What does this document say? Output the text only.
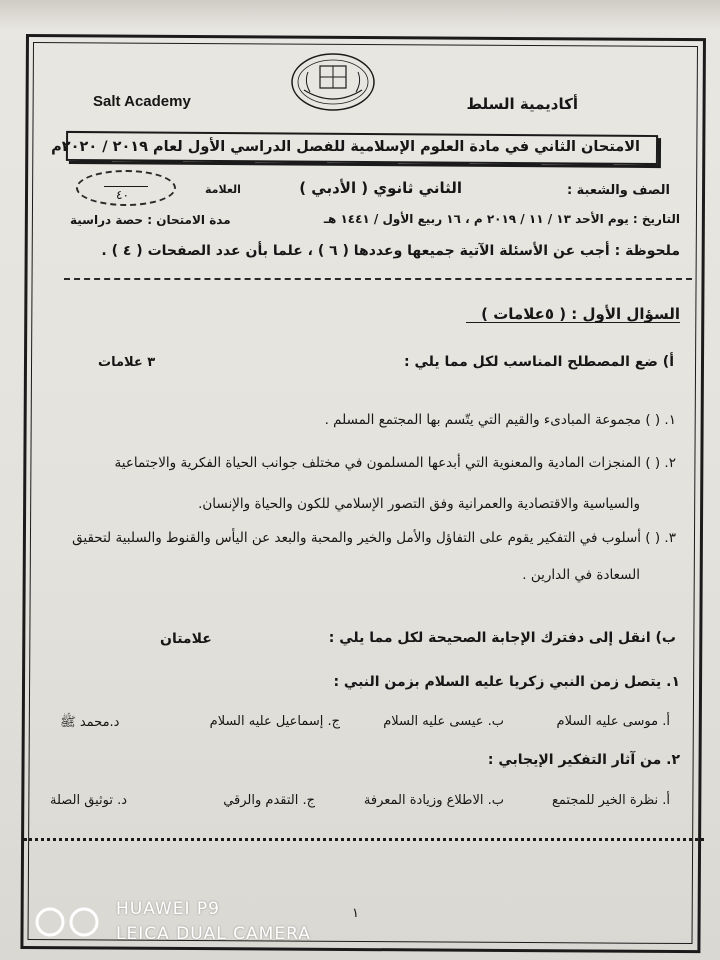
Salt Academy	أكاديمية السلط
الامتحان الثاني في مادة العلوم الإسلامية للفصل الدراسي الأول لعام ٢٠١٩ / ٢٠٢٠م
الصف والشعبة :
الثاني ثانوي ( الأدبي )
العلامة
٤٠
التاريخ : يوم الأحد ١٣ / ١١ / ٢٠١٩ م ، ١٦ ربيع الأول / ١٤٤١ هـ
مدة الامتحان : حصة دراسية
ملحوظة : أجب عن الأسئلة الآتية جميعها وعددها ( ٦ ) ، علما بأن عدد الصفحات ( ٤ ) .
السؤال الأول : ( ٥علامات )
أ) ضع المصطلح المناسب لكل مما يلي :
٣ علامات
١. ( ) مجموعة المبادىء والقيم التي يتّسم بها المجتمع المسلم .
٢. ( ) المنجزات المادية والمعنوية التي أبدعها المسلمون في مختلف جوانب الحياة الفكرية والاجتماعية
والسياسية والاقتصادية والعمرانية وفق التصور الإسلامي للكون والحياة والإنسان.
٣. ( ) أسلوب في التفكير يقوم على التفاؤل والأمل والخير والمحبة والبعد عن اليأس والقنوط والسلبية لتحقيق
السعادة في الدارين .
ب) انقل إلى دفترك الإجابة الصحيحة لكل مما يلي :
علامتان
١. يتصل زمن النبي زكريا عليه السلام بزمن النبي :
أ. موسى عليه السلام
ب. عيسى عليه السلام
ج. إسماعيل عليه السلام
د.محمد ﷺ
٢. من آثار التفكير الإيجابي :
أ. نظرة الخير للمجتمع
ب. الاطلاع وزيادة المعرفة
ج. التقدم والرقي
د. توثيق الصلة
١
HUAWEI P9
LEICA DUAL CAMERA
